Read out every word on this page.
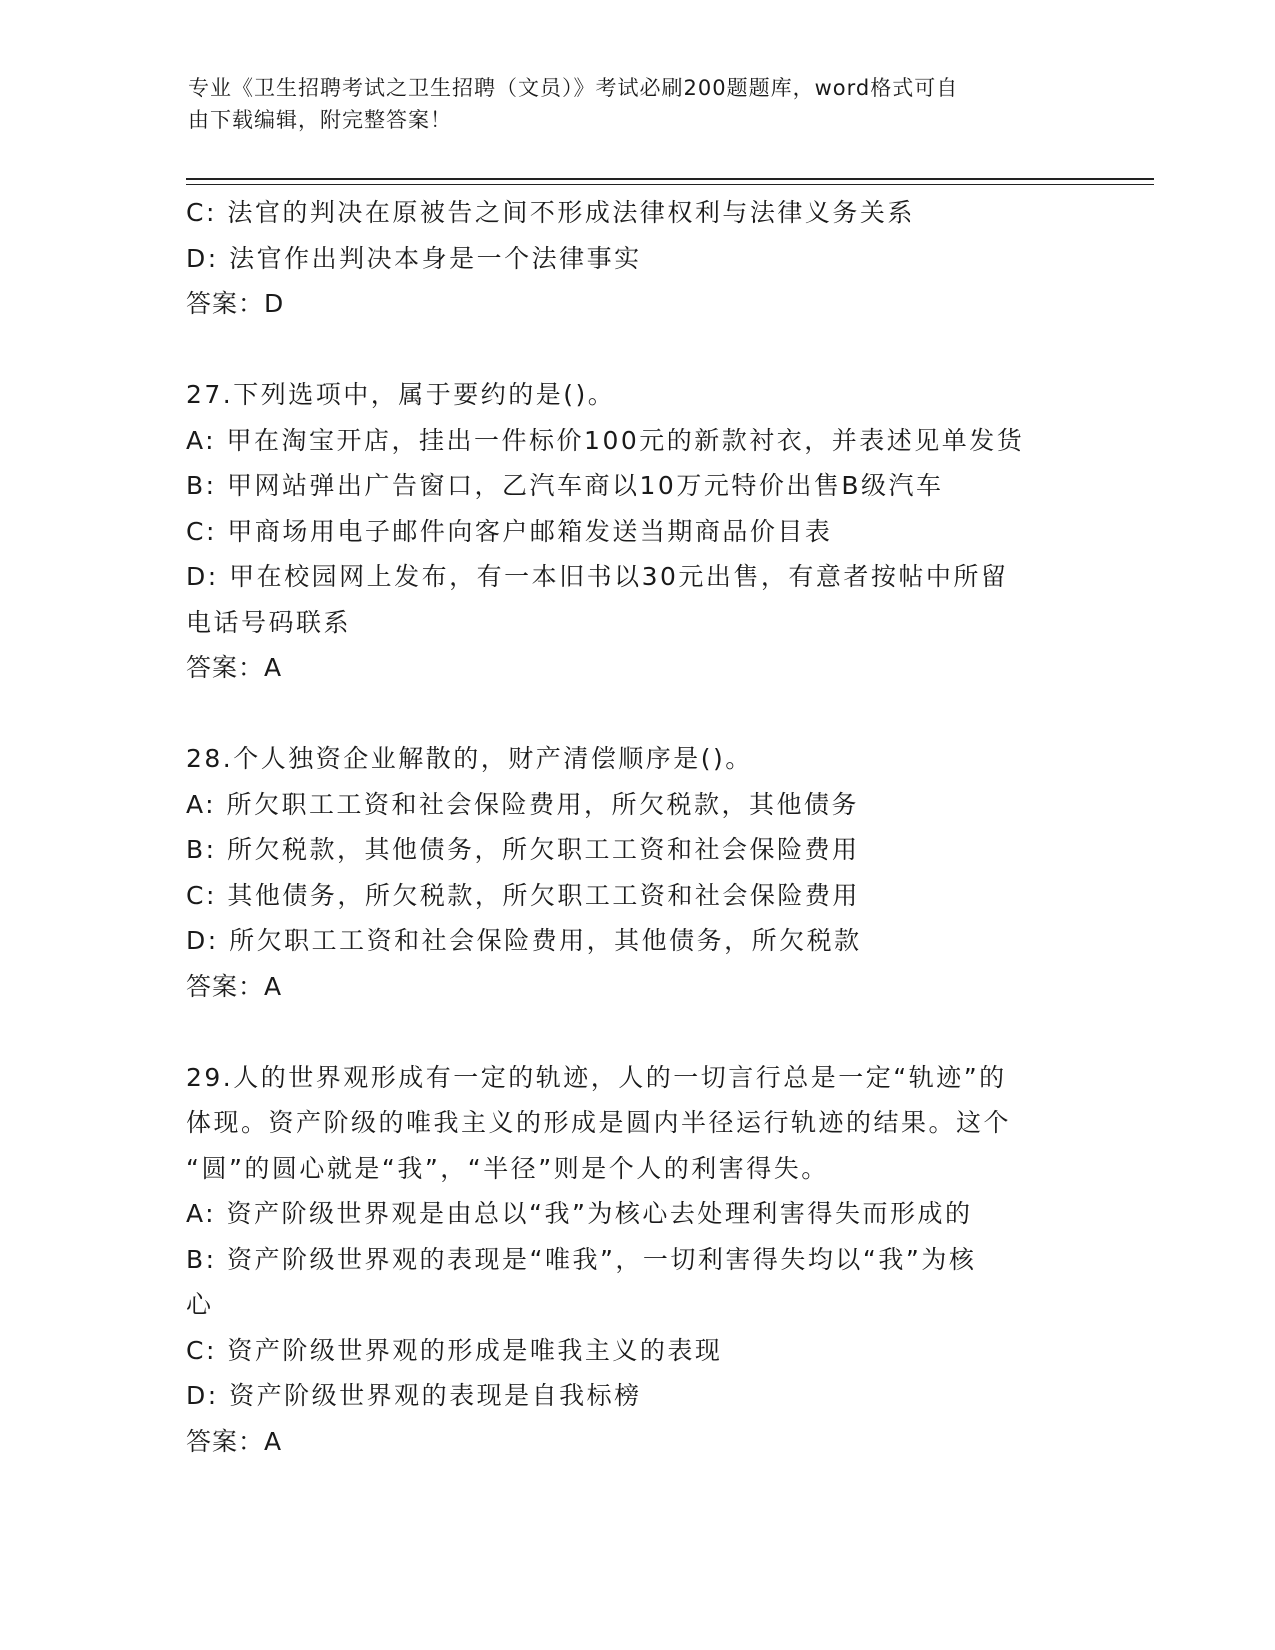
专业《卫生招聘考试之卫生招聘（文员）》考试必刷200题题库，word格式可自
由下载编辑，附完整答案！
C: 法官的判决在原被告之间不形成法律权利与法律义务关系
D: 法官作出判决本身是一个法律事实
答案：D
27.下列选项中，属于要约的是()。
A: 甲在淘宝开店，挂出一件标价100元的新款衬衣，并表述见单发货
B: 甲网站弹出广告窗口，乙汽车商以10万元特价出售B级汽车
C: 甲商场用电子邮件向客户邮箱发送当期商品价目表
D: 甲在校园网上发布，有一本旧书以30元出售，有意者按帖中所留
电话号码联系
答案：A
28.个人独资企业解散的，财产清偿顺序是()。
A: 所欠职工工资和社会保险费用，所欠税款，其他债务
B: 所欠税款，其他债务，所欠职工工资和社会保险费用
C: 其他债务，所欠税款，所欠职工工资和社会保险费用
D: 所欠职工工资和社会保险费用，其他债务，所欠税款
答案：A
29.人的世界观形成有一定的轨迹，人的一切言行总是一定“轨迹”的
体现。资产阶级的唯我主义的形成是圆内半径运行轨迹的结果。这个
“圆”的圆心就是“我”，“半径”则是个人的利害得失。
A: 资产阶级世界观是由总以“我”为核心去处理利害得失而形成的
B: 资产阶级世界观的表现是“唯我”，一切利害得失均以“我”为核
心
C: 资产阶级世界观的形成是唯我主义的表现
D: 资产阶级世界观的表现是自我标榜
答案：A
